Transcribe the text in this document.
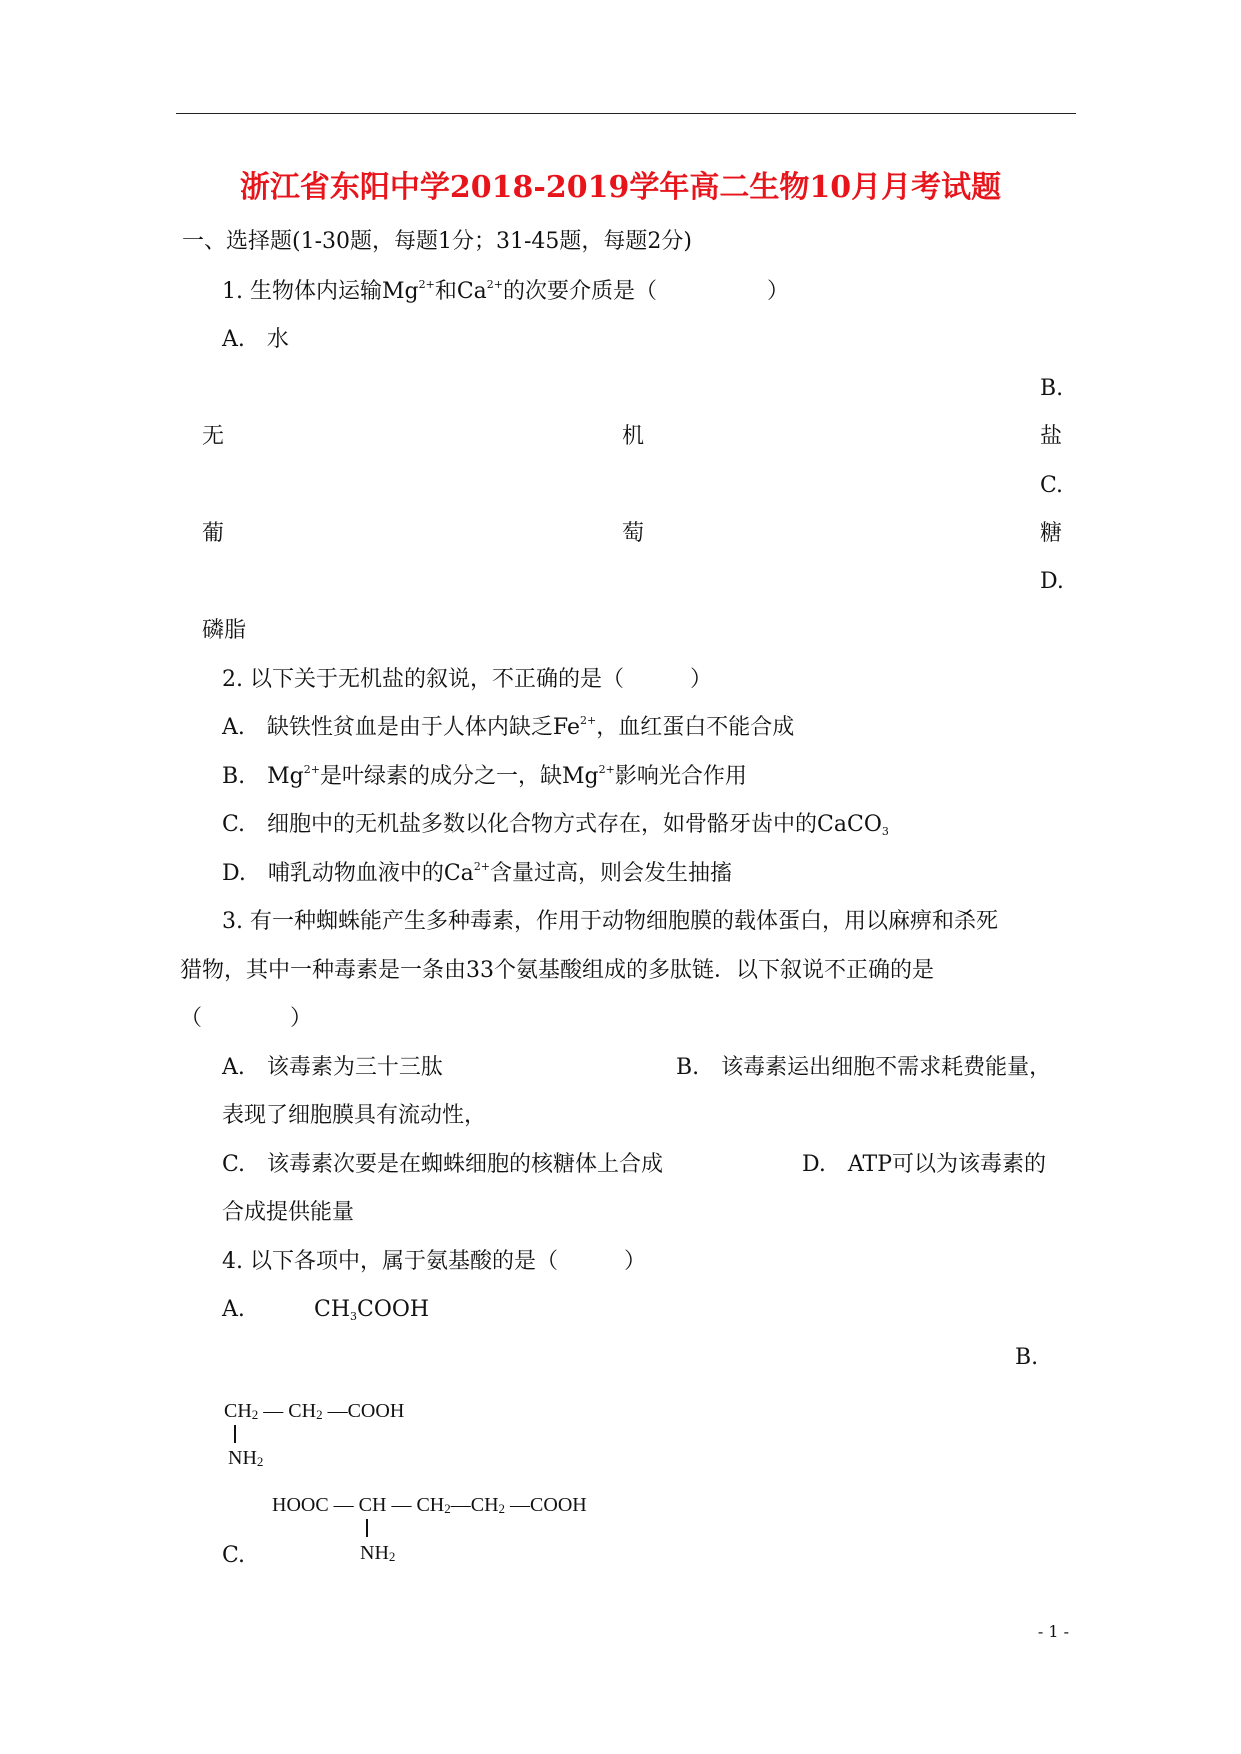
浙江省东阳中学2018-2019学年高二生物10月月考试题
一、选择题(1-30题，每题1分；31-45题，每题2分)
1. 生物体内运输$Mg^{2+}$和$Ca^{2+}$的次要介质是（　　　　　）
A.　水
B.
无	机	盐
C.
葡	萄	糖
D.
磷脂
2. 以下关于无机盐的叙说，不正确的是（　　　）
A.　缺铁性贫血是由于人体内缺乏$Fe^{2+}$，血红蛋白不能合成
B.　$Mg^{2+}$是叶绿素的成分之一，缺$Mg^{2+}$影响光合作用
C.　细胞中的无机盐多数以化合物方式存在，如骨骼牙齿中的CaCO$_3$
D.　哺乳动物血液中的$Ca^{2+}$含量过高，则会发生抽搐
3. 有一种蜘蛛能产生多种毒素，作用于动物细胞膜的载体蛋白，用以麻痹和杀死
猎物，其中一种毒素是一条由33个氨基酸组成的多肽链．以下叙说不正确的是
（　　　　）
A.　该毒素为三十三肽	B.　该毒素运出细胞不需求耗费能量，
表现了细胞膜具有流动性，
C.　该毒素次要是在蜘蛛细胞的核糖体上合成	D.　ATP可以为该毒素的
合成提供能量
4. 以下各项中，属于氨基酸的是（　　　）
A.	$CH_3COOH$
B.
$CH_2$ — $CH_2$ —COOH
$NH_2$
HOOC — CH — $CH_2—CH_2$ —COOH
C.	$NH_2$
- 1 -
